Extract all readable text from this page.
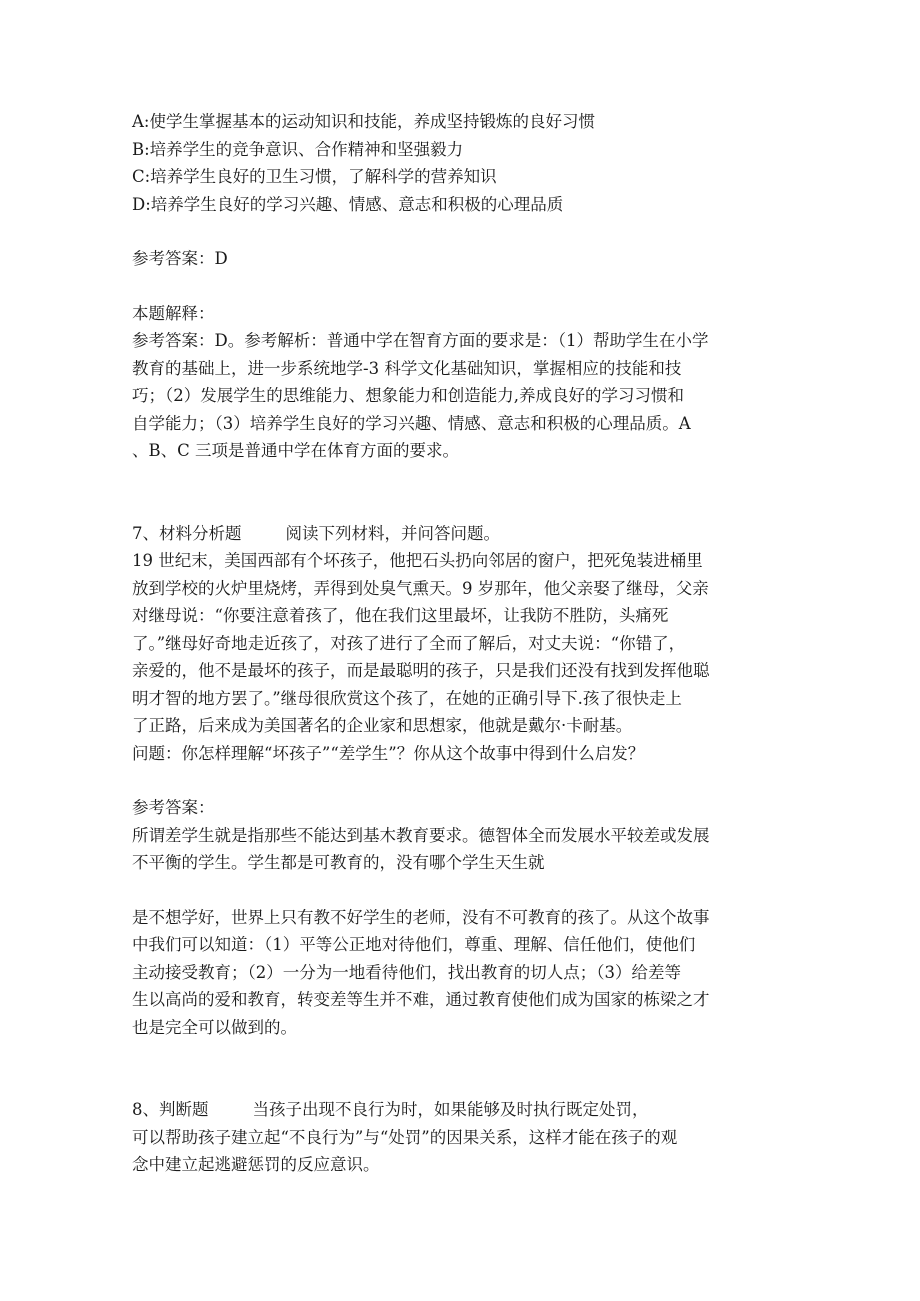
A:使学生掌握基本的运动知识和技能，养成坚持锻炼的良好习惯
B:培养学生的竞争意识、合作精神和坚强毅力
C:培养学生良好的卫生习惯，了解科学的营养知识
D:培养学生良好的学习兴趣、情感、意志和积极的心理品质
参考答案：D
本题解释：
参考答案：D。参考解析：普通中学在智育方面的要求是：（1）帮助学生在小学
教育的基础上，进一步系统地学-3 科学文化基础知识，掌握相应的技能和技
巧；（2）发展学生的思维能力、想象能力和创造能力,养成良好的学习习惯和
自学能力；（3）培养学生良好的学习兴趣、情感、意志和积极的心理品质。A
、B、C 三项是普通中学在体育方面的要求。
7、材料分析题	阅读下列材料，并问答问题。
19 世纪末，美国西部有个坏孩子，他把石头扔向邻居的窗户，把死兔装进桶里
放到学校的火炉里烧烤，弄得到处臭气熏天。9 岁那年，他父亲娶了继母，父亲
对继母说：“你要注意着孩了，他在我们这里最坏，让我防不胜防，头痛死
了。”继母好奇地走近孩了，对孩了进行了全而了解后，对丈夫说：“你错了，
亲爱的，他不是最坏的孩子，而是最聪明的孩子，只是我们还没有找到发挥他聪
明才智的地方罢了。”继母很欣赏这个孩了，在她的正确引导下.孩了很快走上
了正路，后来成为美国著名的企业家和思想家，他就是戴尔·卡耐基。
问题：你怎样理解“坏孩子”“差学生”？你从这个故事中得到什么启发？
参考答案：
所谓差学生就是指那些不能达到基木教育要求。德智体全而发展水平较差或发展
不平衡的学生。学生都是可教育的，没有哪个学生天生就
是不想学好，世界上只有教不好学生的老师，没有不可教育的孩了。从这个故事
中我们可以知道：（1）平等公正地对待他们，尊重、理解、信任他们，使他们
主动接受教育；（2）一分为一地看待他们，找出教育的切人点；（3）给差等
生以高尚的爱和教育，转变差等生并不难，通过教育使他们成为国家的栋梁之才
也是完全可以做到的。
8、判断题	当孩子出现不良行为时，如果能够及时执行既定处罚，
可以帮助孩子建立起“不良行为”与“处罚”的因果关系，这样才能在孩子的观
念中建立起逃避惩罚的反应意识。
